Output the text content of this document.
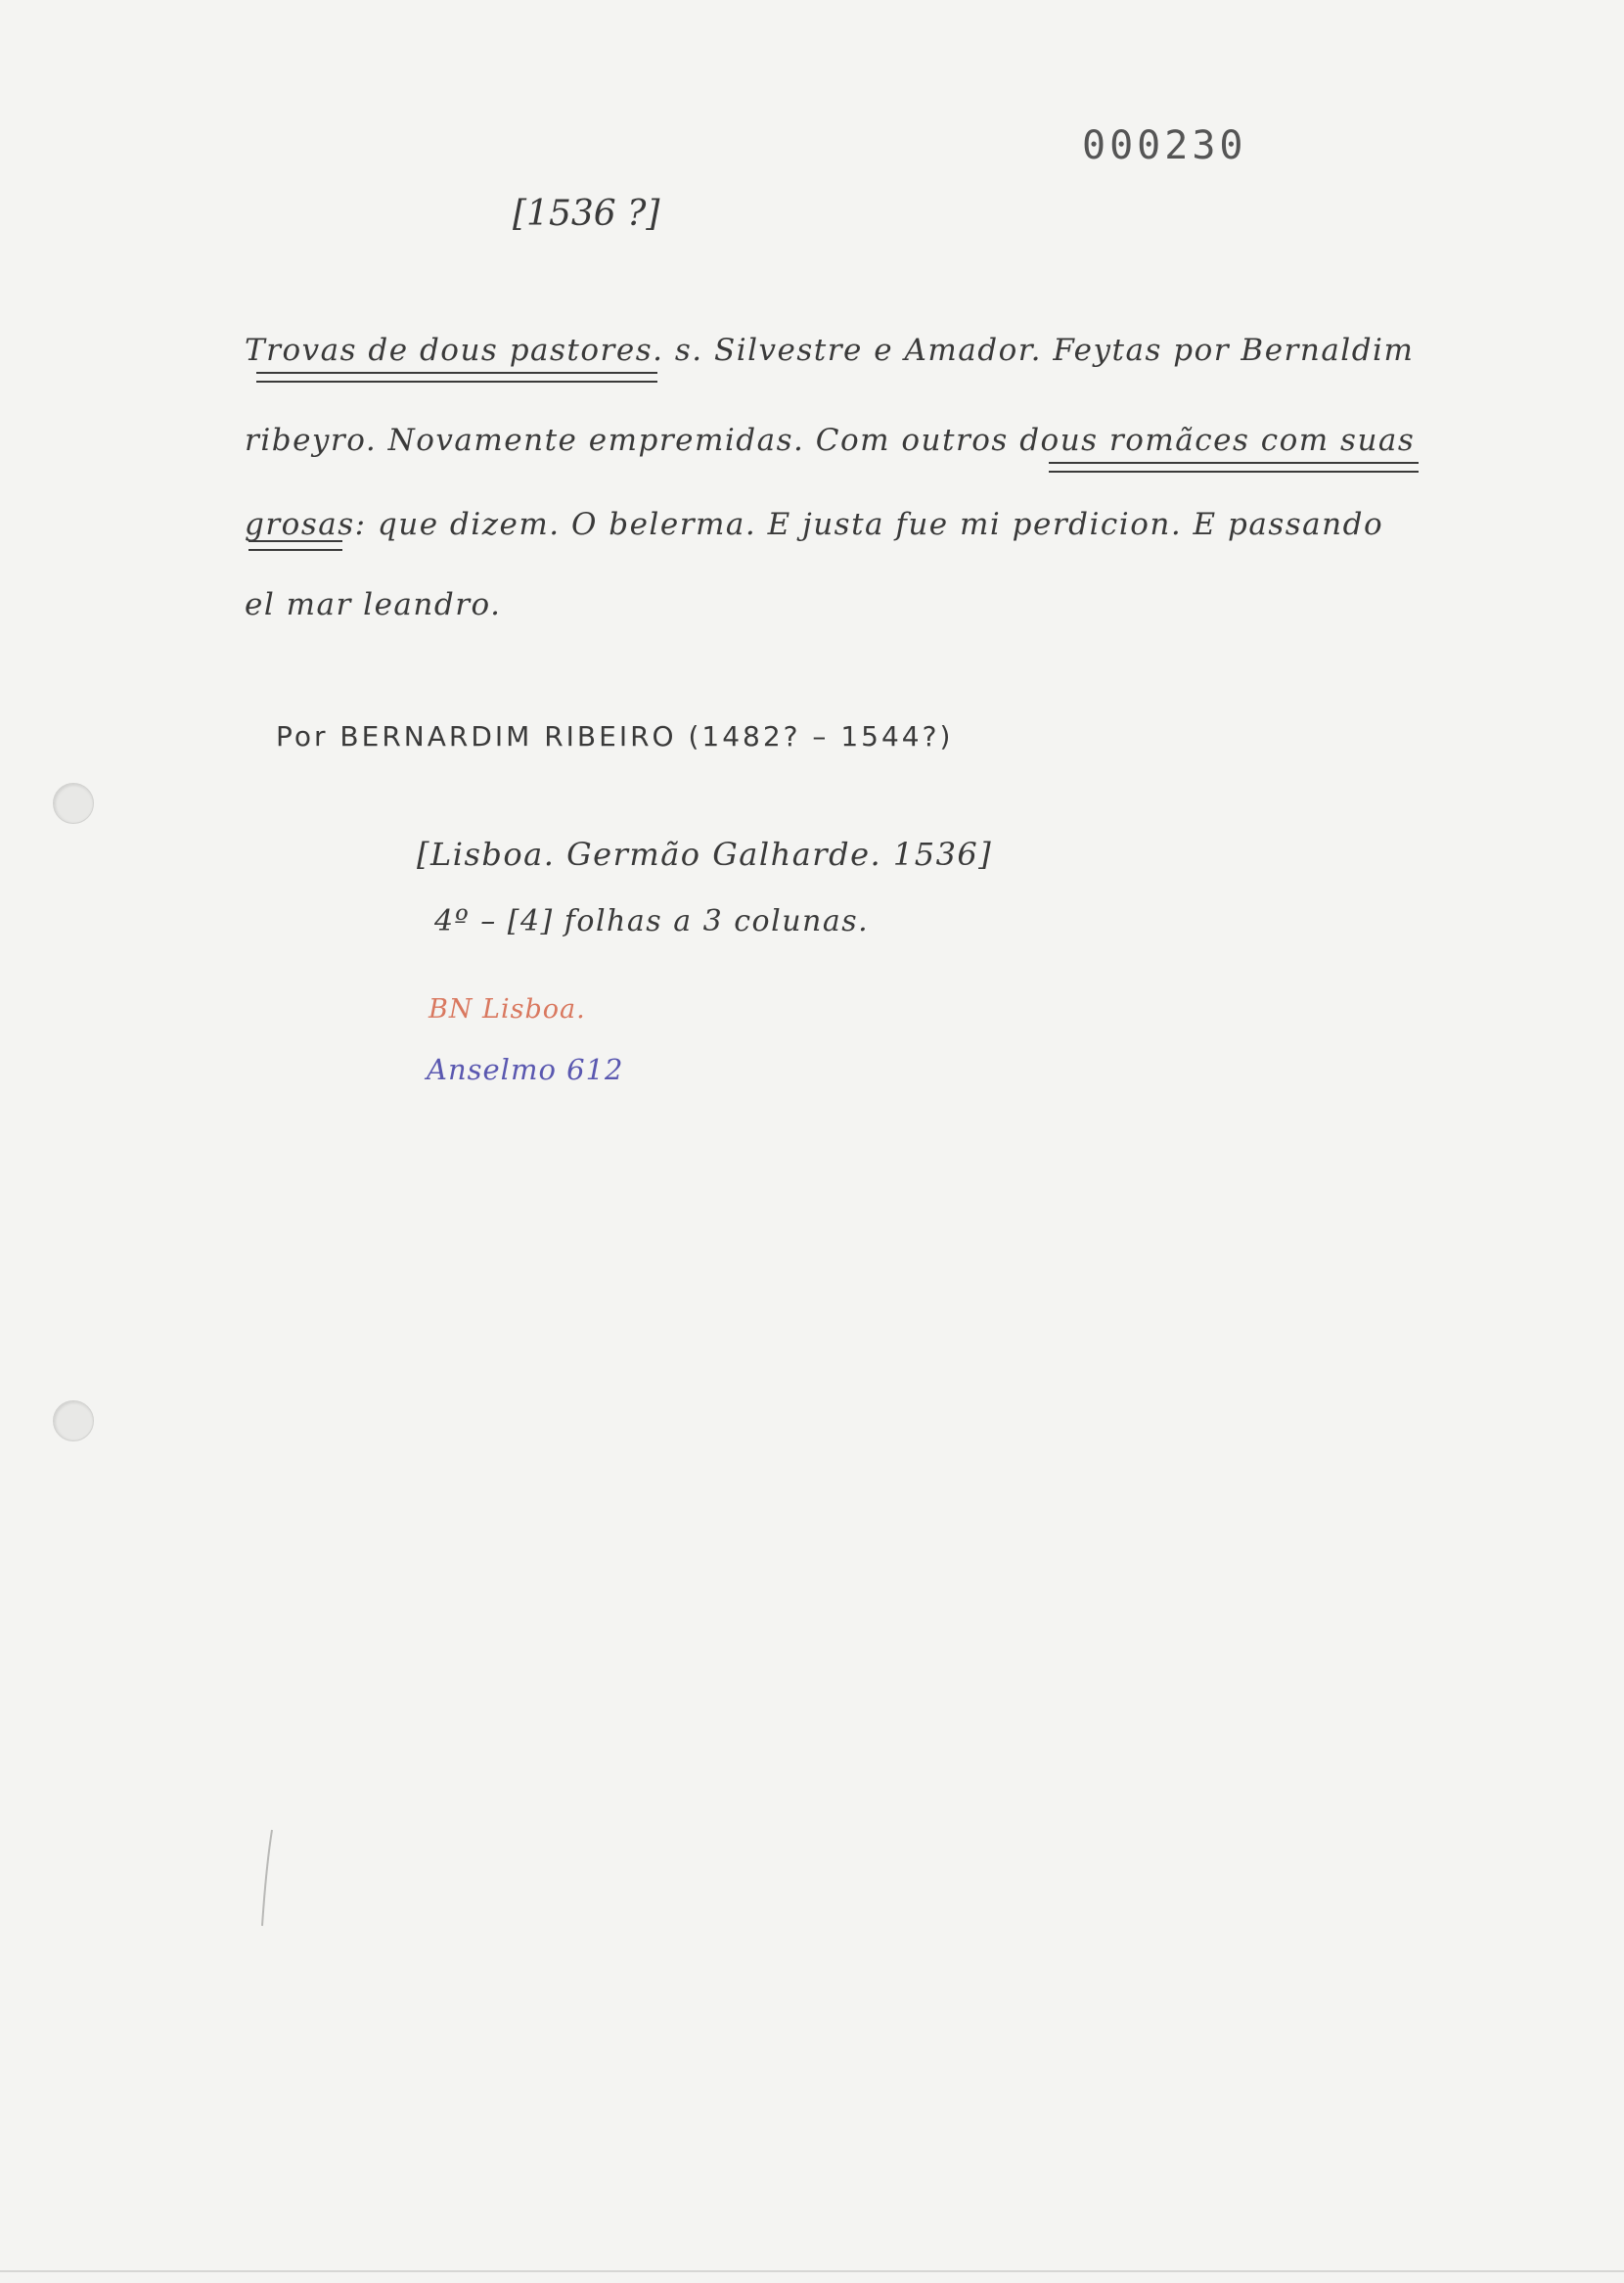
000230

[1536 ?]

Trovas de dous pastores. s. Silvestre e Amador. Feytas por Bernaldim

ribeyro. Novamente empremidas. Com outros dous romãces com suas

grosas: que dizem. O belerma. E justa fue mi perdicion. E passando

el mar leandro.

Por BERNARDIM RIBEIRO (1482? – 1544?)

[Lisboa. Germão Galharde. 1536]

4º – [4] folhas a 3 colunas.

BN Lisboa.

Anselmo 612
